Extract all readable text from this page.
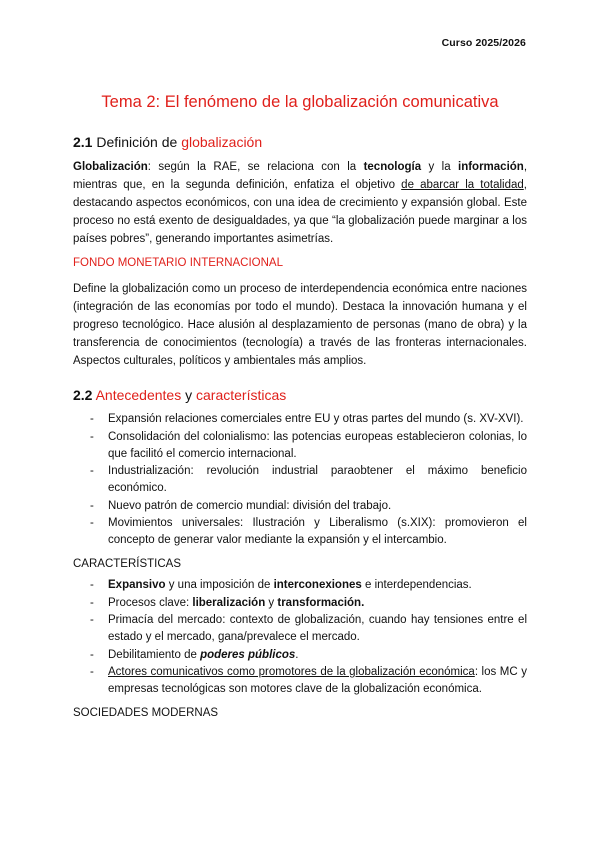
Curso 2025/2026
Tema 2: El fenómeno de la globalización comunicativa
2.1 Definición de globalización

Globalización: según la RAE, se relaciona con la tecnología y la información, mientras que, en la segunda definición, enfatiza el objetivo de abarcar la totalidad, destacando aspectos económicos, con una idea de crecimiento y expansión global. Este proceso no está exento de desigualdades, ya que “la globalización puede marginar a los países pobres”, generando importantes asimetrías.

FONDO MONETARIO INTERNACIONAL

Define la globalización como un proceso de interdependencia económica entre naciones (integración de las economías por todo el mundo). Destaca la innovación humana y el progreso tecnológico. Hace alusión al desplazamiento de personas (mano de obra) y la transferencia de conocimientos (tecnología) a través de las fronteras internacionales. Aspectos culturales, políticos y ambientales más amplios.

2.2 Antecedentes y características
- Expansión relaciones comerciales entre EU y otras partes del mundo (s. XV-XVI).
- Consolidación del colonialismo: las potencias europeas establecieron colonias, lo que facilitó el comercio internacional.
- Industrialización: revolución industrial paraobtener el máximo beneficio económico.
- Nuevo patrón de comercio mundial: división del trabajo.
- Movimientos universales: Ilustración y Liberalismo (s.XIX): promovieron el concepto de generar valor mediante la expansión y el intercambio.
CARACTERÍSTICAS
- Expansivo y una imposición de interconexiones e interdependencias.
- Procesos clave: liberalización y transformación.
- Primacía del mercado: contexto de globalización, cuando hay tensiones entre el estado y el mercado, gana/prevalece el mercado.
- Debilitamiento de poderes públicos.
- Actores comunicativos como promotores de la globalización económica: los MC y empresas tecnológicas son motores clave de la globalización económica.
SOCIEDADES MODERNAS
